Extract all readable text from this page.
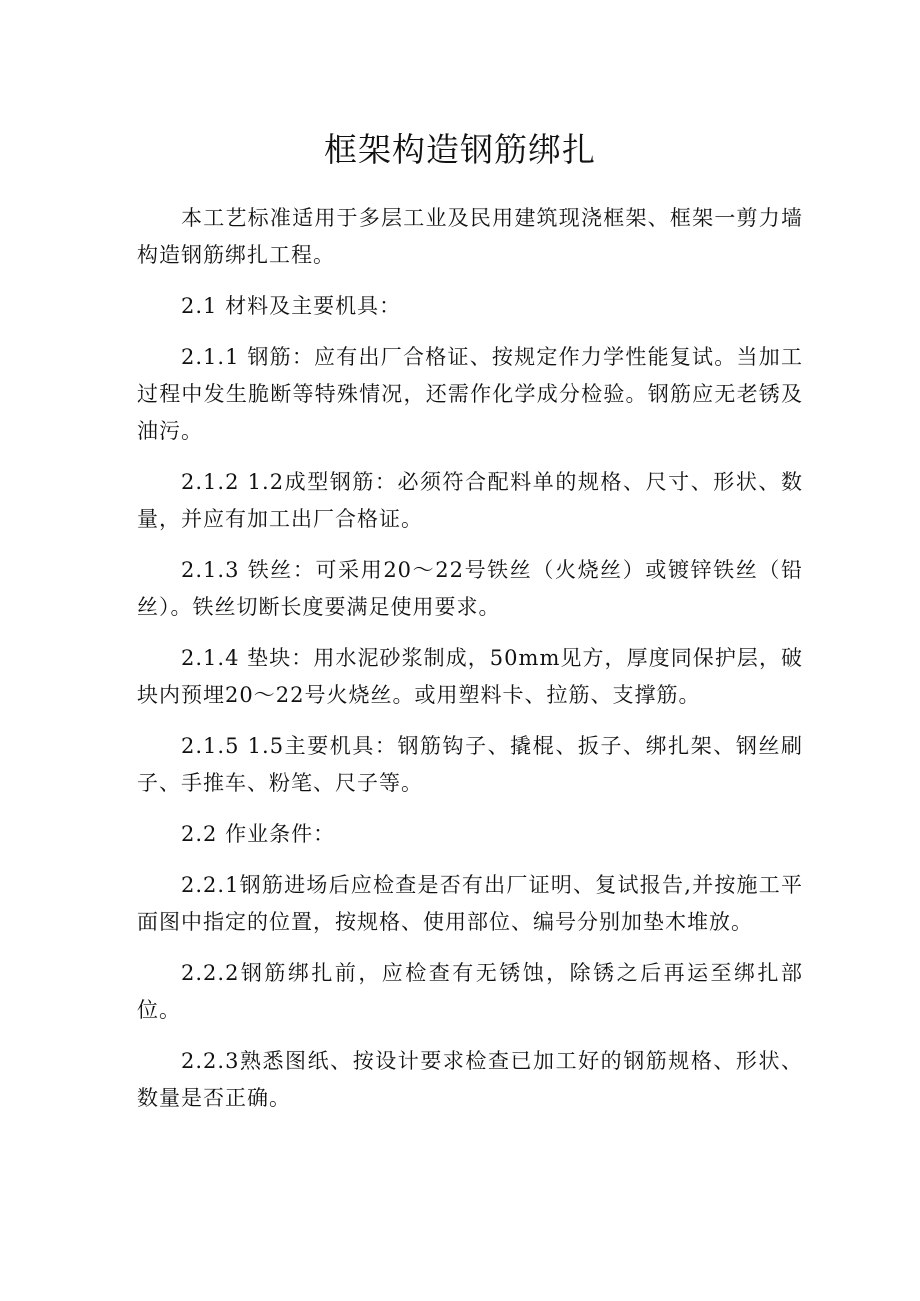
框架构造钢筋绑扎

本工艺标准适用于多层工业及民用建筑现浇框架、框架一剪力墙构造钢筋绑扎工程。

2.1 材料及主要机具：

2.1.1 钢筋：应有出厂合格证、按规定作力学性能复试。当加工过程中发生脆断等特殊情况，还需作化学成分检验。钢筋应无老锈及油污。

2.1.2 1.2成型钢筋：必须符合配料单的规格、尺寸、形状、数量，并应有加工出厂合格证。

2.1.3 铁丝：可采用20～22号铁丝（火烧丝）或镀锌铁丝（铅丝）。铁丝切断长度要满足使用要求。

2.1.4 垫块：用水泥砂浆制成，50mm见方，厚度同保护层，破块内预埋20～22号火烧丝。或用塑料卡、拉筋、支撑筋。

2.1.5 1.5主要机具：钢筋钩子、撬棍、扳子、绑扎架、钢丝刷子、手推车、粉笔、尺子等。

2.2 作业条件：

2.2.1钢筋进场后应检查是否有出厂证明、复试报告,并按施工平面图中指定的位置，按规格、使用部位、编号分别加垫木堆放。

2.2.2钢筋绑扎前，应检查有无锈蚀，除锈之后再运至绑扎部位。

2.2.3熟悉图纸、按设计要求检查已加工好的钢筋规格、形状、数量是否正确。
